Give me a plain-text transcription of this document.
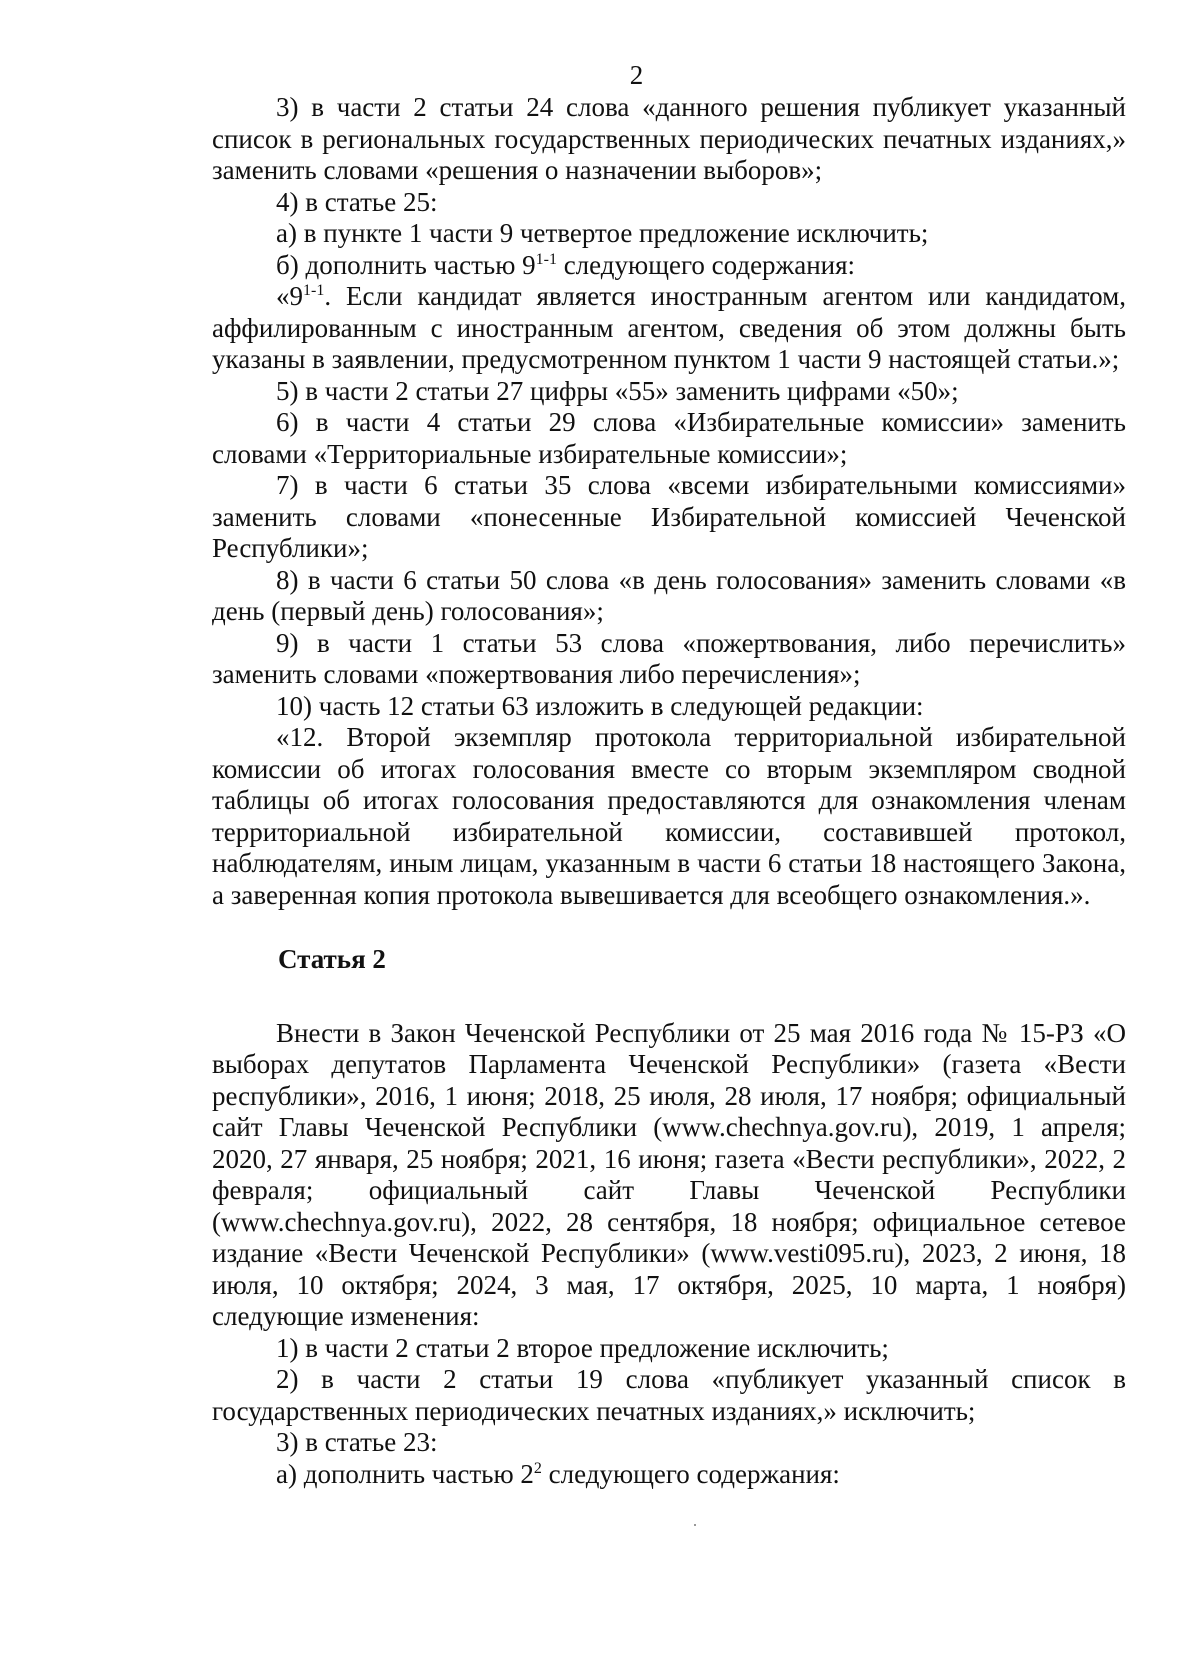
2

3) в части 2 статьи 24 слова «данного решения публикует указанный список в региональных государственных периодических печатных изданиях,» заменить словами «решения о назначении выборов»;

4) в статье 25:

а) в пункте 1 части 9 четвертое предложение исключить;

б) дополнить частью 9$^{1-1}$ следующего содержания:

«9$^{1-1}$. Если кандидат является иностранным агентом или кандидатом, аффилированным с иностранным агентом, сведения об этом должны быть указаны в заявлении, предусмотренном пунктом 1 части 9 настоящей статьи.»;

5) в части 2 статьи 27 цифры «55» заменить цифрами «50»;

6) в части 4 статьи 29 слова «Избирательные комиссии» заменить словами «Территориальные избирательные комиссии»;

7) в части 6 статьи 35 слова «всеми избирательными комиссиями» заменить словами «понесенные Избирательной комиссией Чеченской Республики»;

8) в части 6 статьи 50 слова «в день голосования» заменить словами «в день (первый день) голосования»;

9) в части 1 статьи 53 слова «пожертвования, либо перечислить» заменить словами «пожертвования либо перечисления»;

10) часть 12 статьи 63 изложить в следующей редакции:

«12. Второй экземпляр протокола территориальной избирательной комиссии об итогах голосования вместе со вторым экземпляром сводной таблицы об итогах голосования предоставляются для ознакомления членам территориальной избирательной комиссии, составившей протокол, наблюдателям, иным лицам, указанным в части 6 статьи 18 настоящего Закона, а заверенная копия протокола вывешивается для всеобщего ознакомления.».

Статья 2

Внести в Закон Чеченской Республики от 25 мая 2016 года № 15-РЗ «О выборах депутатов Парламента Чеченской Республики» (газета «Вести республики», 2016, 1 июня; 2018, 25 июля, 28 июля, 17 ноября; официальный сайт Главы Чеченской Республики (www.chechnya.gov.ru), 2019, 1 апреля; 2020, 27 января, 25 ноября; 2021, 16 июня; газета «Вести республики», 2022, 2 февраля; официальный сайт Главы Чеченской Республики (www.chechnya.gov.ru), 2022, 28 сентября, 18 ноября; официальное сетевое издание «Вести Чеченской Республики» (www.vesti095.ru), 2023, 2 июня, 18 июля, 10 октября; 2024, 3 мая, 17 октября, 2025, 10 марта, 1 ноября) следующие изменения:

1) в части 2 статьи 2 второе предложение исключить;

2) в части 2 статьи 19 слова «публикует указанный список в государственных периодических печатных изданиях,» исключить;

3) в статье 23:

а) дополнить частью $2^2$ следующего содержания:
